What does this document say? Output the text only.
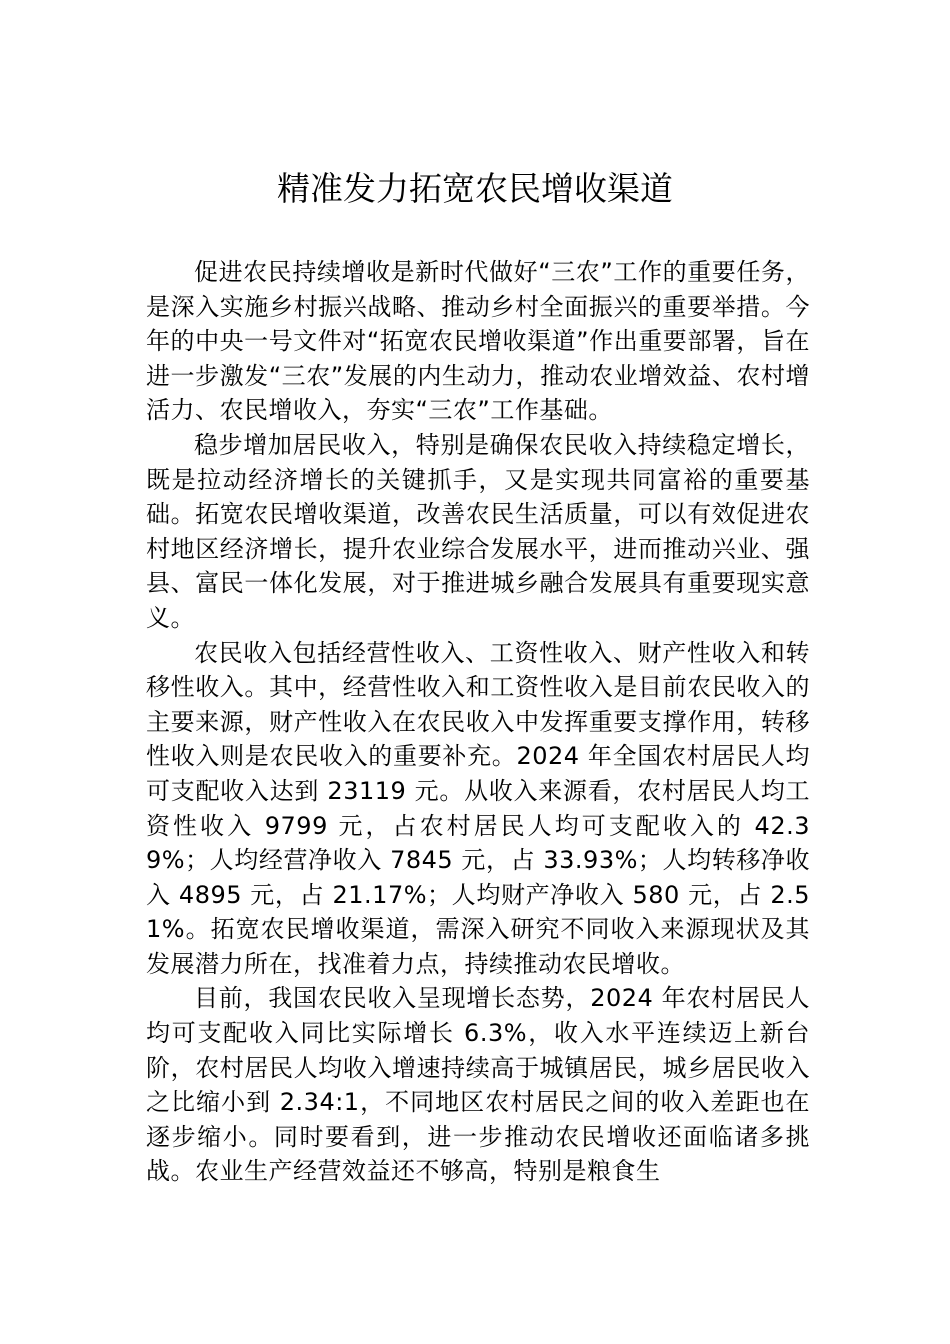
精准发力拓宽农民增收渠道

促进农民持续增收是新时代做好“三农”工作的重要任务，是深入实施乡村振兴战略、推动乡村全面振兴的重要举措。今年的中央一号文件对“拓宽农民增收渠道”作出重要部署，旨在进一步激发“三农”发展的内生动力，推动农业增效益、农村增活力、农民增收入，夯实“三农”工作基础。

稳步增加居民收入，特别是确保农民收入持续稳定增长，既是拉动经济增长的关键抓手，又是实现共同富裕的重要基础。拓宽农民增收渠道，改善农民生活质量，可以有效促进农村地区经济增长，提升农业综合发展水平，进而推动兴业、强县、富民一体化发展，对于推进城乡融合发展具有重要现实意义。

农民收入包括经营性收入、工资性收入、财产性收入和转移性收入。其中，经营性收入和工资性收入是目前农民收入的主要来源，财产性收入在农民收入中发挥重要支撑作用，转移性收入则是农民收入的重要补充。2024 年全国农村居民人均可支配收入达到 23119 元。从收入来源看，农村居民人均工资性收入 9799 元，占农村居民人均可支配收入的 42.39%；人均经营净收入 7845 元，占 33.93%；人均转移净收入 4895 元，占 21.17%；人均财产净收入 580 元，占 2.51%。拓宽农民增收渠道，需深入研究不同收入来源现状及其发展潜力所在，找准着力点，持续推动农民增收。

目前，我国农民收入呈现增长态势，2024 年农村居民人均可支配收入同比实际增长 6.3%，收入水平连续迈上新台阶，农村居民人均收入增速持续高于城镇居民，城乡居民收入之比缩小到 2.34:1，不同地区农村居民之间的收入差距也在逐步缩小。同时要看到，进一步推动农民增收还面临诸多挑战。农业生产经营效益还不够高，特别是粮食生
